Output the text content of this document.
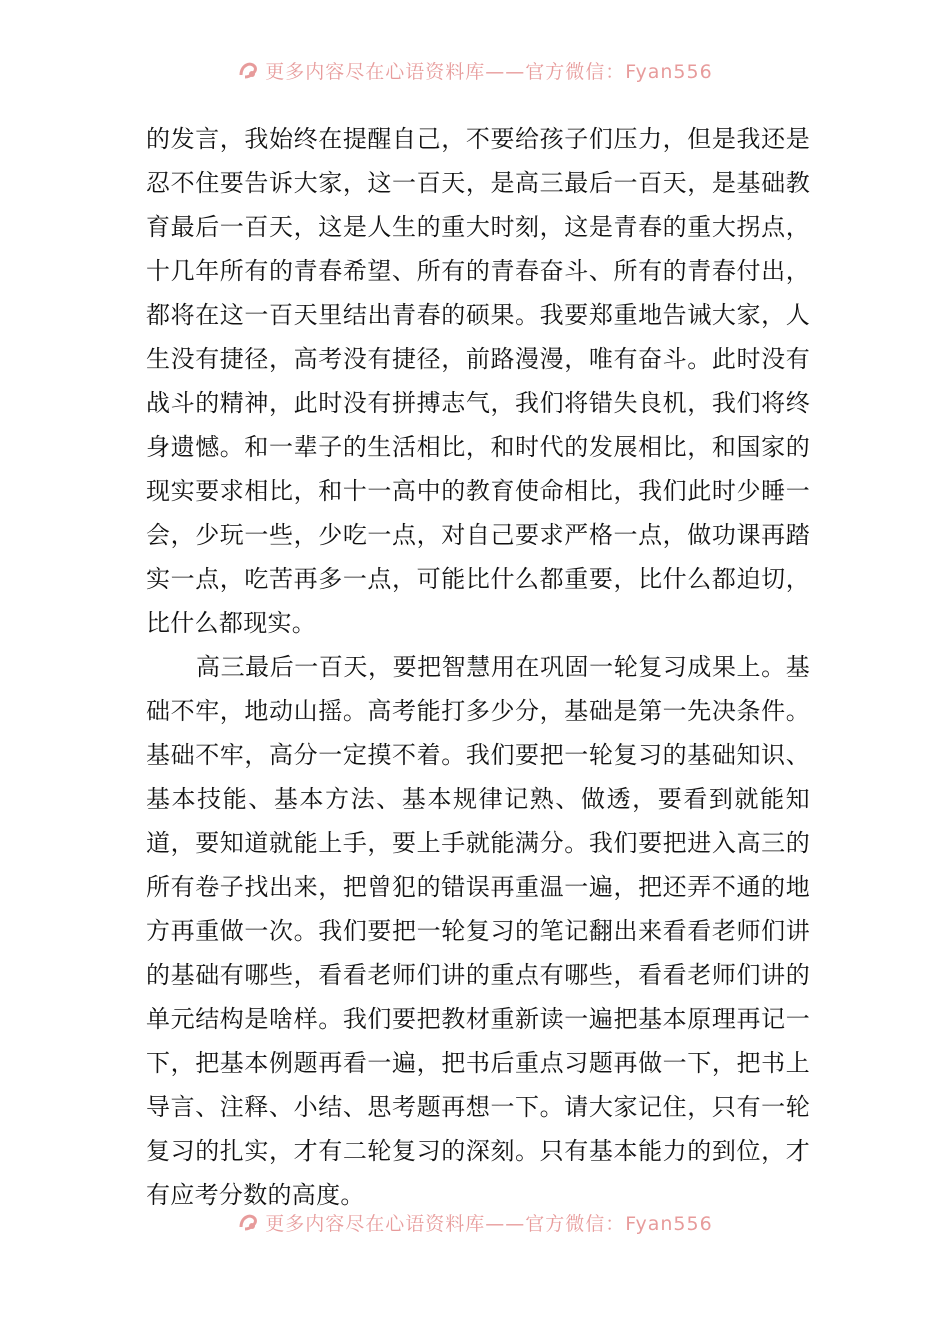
更多内容尽在心语资料库——官方微信：Fyan556

的发言，我始终在提醒自己，不要给孩子们压力，但是我还是忍不住要告诉大家，这一百天，是高三最后一百天，是基础教育最后一百天，这是人生的重大时刻，这是青春的重大拐点，十几年所有的青春希望、所有的青春奋斗、所有的青春付出，都将在这一百天里结出青春的硕果。我要郑重地告诫大家，人生没有捷径，高考没有捷径，前路漫漫，唯有奋斗。此时没有战斗的精神，此时没有拼搏志气，我们将错失良机，我们将终身遗憾。和一辈子的生活相比，和时代的发展相比，和国家的现实要求相比，和十一高中的教育使命相比，我们此时少睡一会，少玩一些，少吃一点，对自己要求严格一点，做功课再踏实一点，吃苦再多一点，可能比什么都重要，比什么都迫切，比什么都现实。

高三最后一百天，要把智慧用在巩固一轮复习成果上。基础不牢，地动山摇。高考能打多少分，基础是第一先决条件。基础不牢，高分一定摸不着。我们要把一轮复习的基础知识、基本技能、基本方法、基本规律记熟、做透，要看到就能知道，要知道就能上手，要上手就能满分。我们要把进入高三的所有卷子找出来，把曾犯的错误再重温一遍，把还弄不通的地方再重做一次。我们要把一轮复习的笔记翻出来看看老师们讲的基础有哪些，看看老师们讲的重点有哪些，看看老师们讲的单元结构是啥样。我们要把教材重新读一遍把基本原理再记一下，把基本例题再看一遍，把书后重点习题再做一下，把书上导言、注释、小结、思考题再想一下。请大家记住，只有一轮复习的扎实，才有二轮复习的深刻。只有基本能力的到位，才有应考分数的高度。

更多内容尽在心语资料库——官方微信：Fyan556
